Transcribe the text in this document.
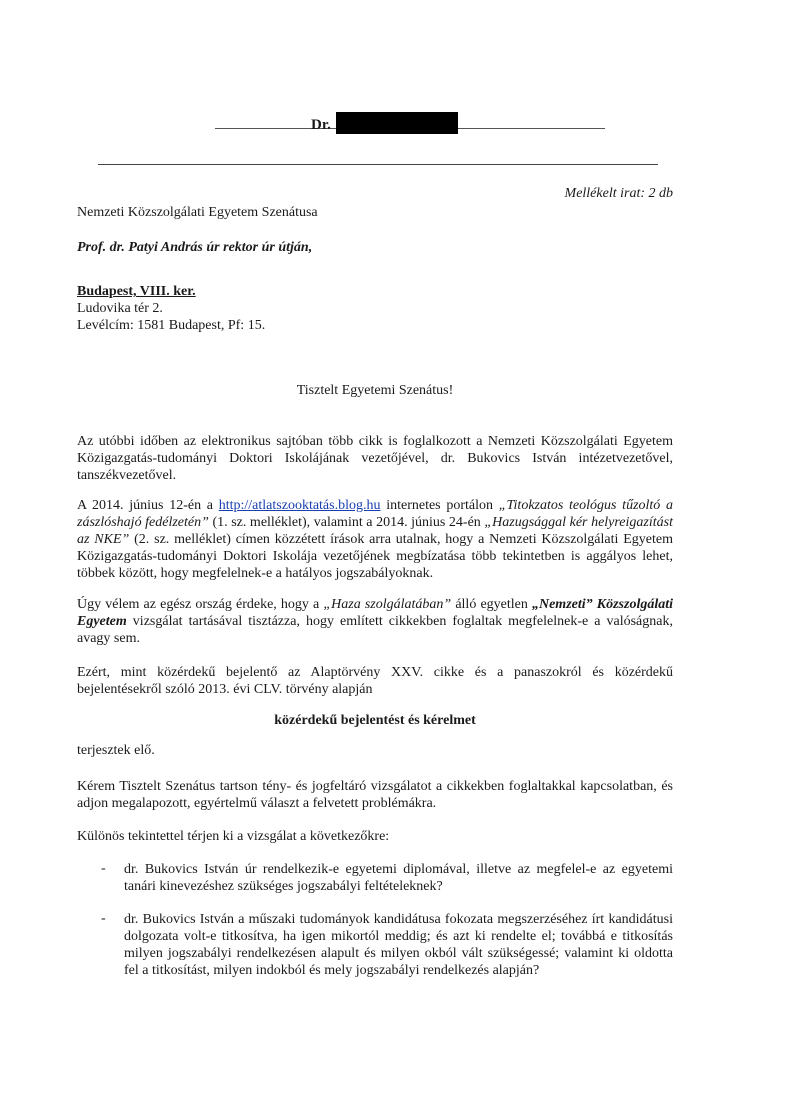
Dr.
Mellékelt irat: 2 db
Nemzeti Közszolgálati Egyetem Szenátusa
Prof. dr. Patyi András úr rektor úr útján,
Budapest, VIII. ker.
Ludovika tér 2.
Levélcím: 1581 Budapest, Pf: 15.
Tisztelt Egyetemi Szenátus!
Az utóbbi időben az elektronikus sajtóban több cikk is foglalkozott a Nemzeti Közszolgálati Egyetem Közigazgatás-tudományi Doktori Iskolájának vezetőjével, dr. Bukovics István intézetvezetővel, tanszékvezetővel.
A 2014. június 12-én a http://atlatszooktatás.blog.hu internetes portálon „Titokzatos teológus tűzoltó a zászlóshajó fedélzetén” (1. sz. melléklet), valamint a 2014. június 24-én „Hazugsággal kér helyreigazítást az NKE” (2. sz. melléklet) címen közzétett írások arra utalnak, hogy a Nemzeti Közszolgálati Egyetem Közigazgatás-tudományi Doktori Iskolája vezetőjének megbízatása több tekintetben is aggályos lehet, többek között, hogy megfelelnek-e a hatályos jogszabályoknak.
Úgy vélem az egész ország érdeke, hogy a „Haza szolgálatában” álló egyetlen „Nemzeti” Közszolgálati Egyetem vizsgálat tartásával tisztázza, hogy említett cikkekben foglaltak megfelelnek-e a valóságnak, avagy sem.
Ezért, mint közérdekű bejelentő az Alaptörvény XXV. cikke és a panaszokról és közérdekű bejelentésekről szóló 2013. évi CLV. törvény alapján
közérdekű bejelentést és kérelmet
terjesztek elő.
Kérem Tisztelt Szenátus tartson tény- és jogfeltáró vizsgálatot a cikkekben foglaltakkal kapcsolatban, és adjon megalapozott, egyértelmű választ a felvetett problémákra.
Különös tekintettel térjen ki a vizsgálat a következőkre:
- dr. Bukovics István úr rendelkezik-e egyetemi diplomával, illetve az megfelel-e az egyetemi tanári kinevezéshez szükséges jogszabályi feltételeknek?
- dr. Bukovics István a műszaki tudományok kandidátusa fokozata megszerzéséhez írt kandidátusi dolgozata volt-e titkosítva, ha igen mikortól meddig; és azt ki rendelte el; továbbá e titkosítás milyen jogszabályi rendelkezésen alapult és milyen okból vált szükségessé; valamint ki oldotta fel a titkosítást, milyen indokból és mely jogszabályi rendelkezés alapján?
